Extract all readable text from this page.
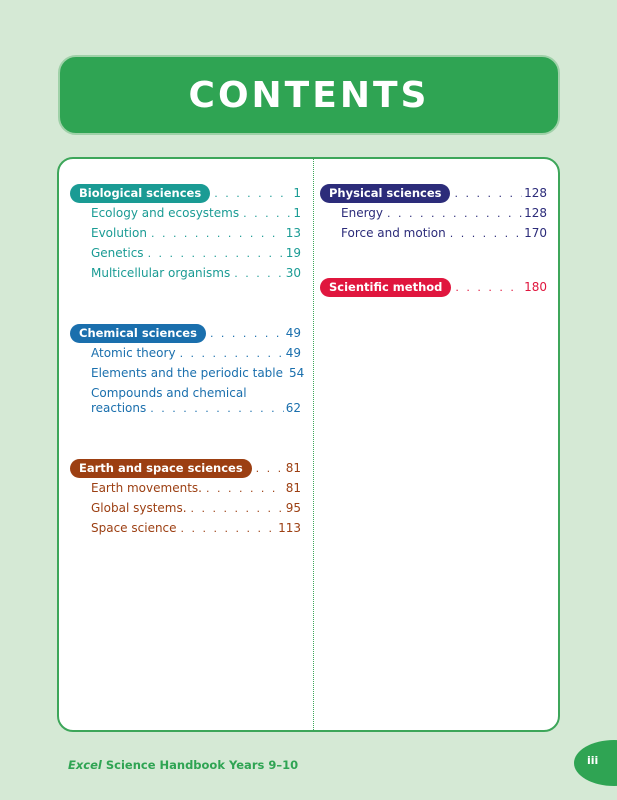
CONTENTS
Biological sciences . . .	1
Ecology and ecosystems . . .	1
Evolution . . .	13
Genetics . . .	19
Multicellular organisms . . .	30
Chemical sciences . . .	49
Atomic theory . . .	49
Elements and the periodic table 54
Compounds and chemical
reactions . . .	62
Earth and space sciences . . .	81
Earth movements. . . .	81
Global systems. . . .	95
Space science . . .	113
Physical sciences . . .	128
Energy . . .	128
Force and motion . . .	170
Scientific method . . .	180
Excel Science Handbook Years 9–10	iii
